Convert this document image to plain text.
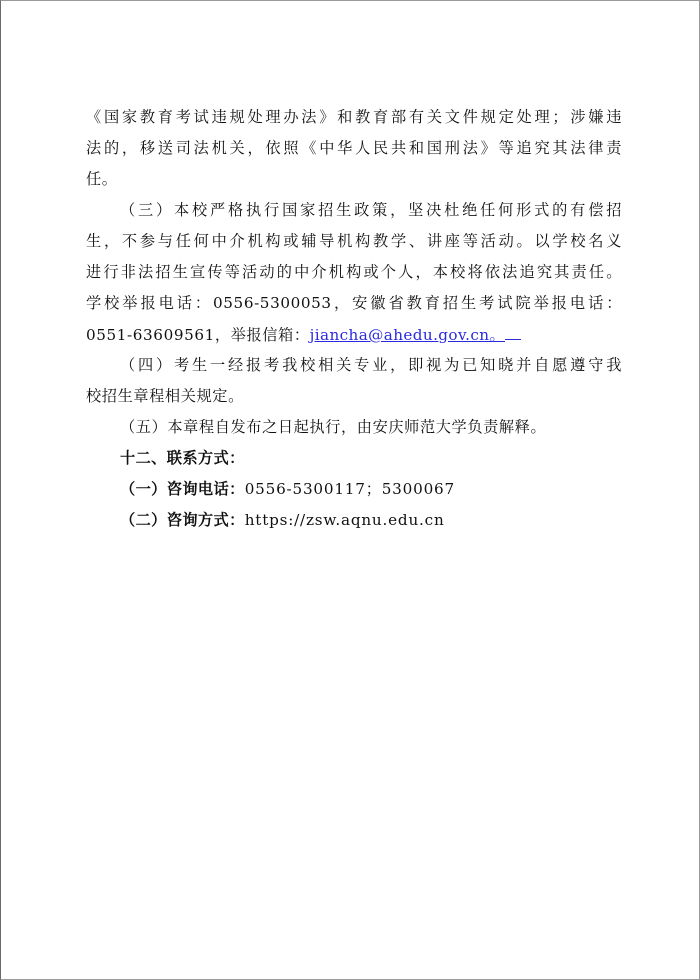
《国家教育考试违规处理办法》和教育部有关文件规定处理；涉嫌违
法的，移送司法机关，依照《中华人民共和国刑法》等追究其法律责
任。
（三）本校严格执行国家招生政策，坚决杜绝任何形式的有偿招
生，不参与任何中介机构或辅导机构教学、讲座等活动。以学校名义
进行非法招生宣传等活动的中介机构或个人，本校将依法追究其责任。
学校举报电话：0556-5300053，安徽省教育招生考试院举报电话：
0551-63609561，举报信箱：jiancha@ahedu.gov.cn。
（四）考生一经报考我校相关专业，即视为已知晓并自愿遵守我
校招生章程相关规定。
（五）本章程自发布之日起执行，由安庆师范大学负责解释。
十二、联系方式：
（一）咨询电话：0556-5300117；5300067
（二）咨询方式：https://zsw.aqnu.edu.cn
